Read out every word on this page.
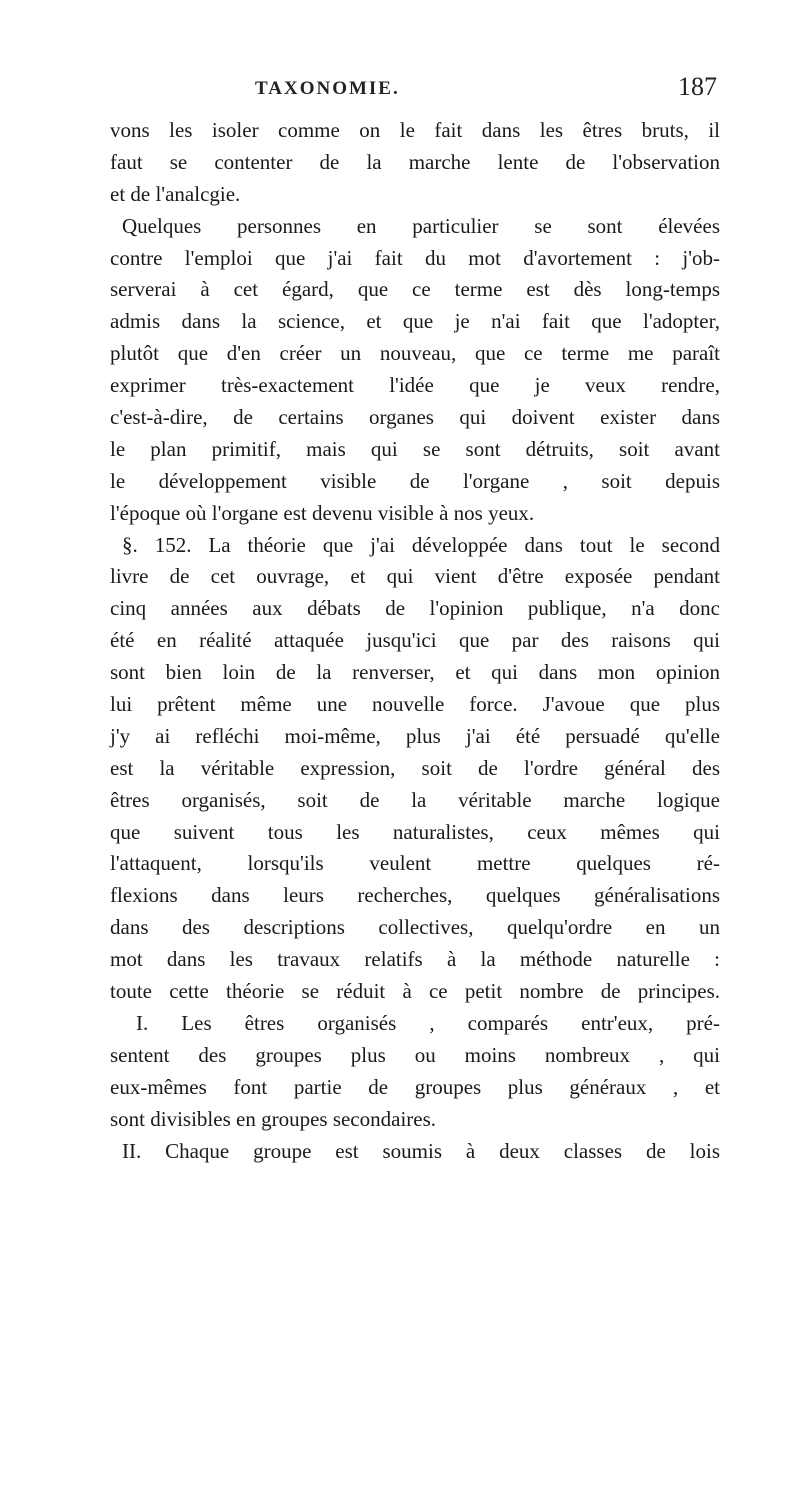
TAXONOMIE.	187
vons les isoler comme on le fait dans les êtres bruts, il
faut se contenter de la marche lente de l'observation
et de l'analcgie.
Quelques personnes en particulier se sont élevées
contre l'emploi que j'ai fait du mot d'avortement : j'ob-
serverai à cet égard, que ce terme est dès long-temps
admis dans la science, et que je n'ai fait que l'adopter,
plutôt que d'en créer un nouveau, que ce terme me paraît
exprimer très-exactement l'idée que je veux rendre,
c'est-à-dire, de certains organes qui doivent exister dans
le plan primitif, mais qui se sont détruits, soit avant
le développement visible de l'organe , soit depuis
l'époque où l'organe est devenu visible à nos yeux.
§. 152. La théorie que j'ai développée dans tout le second
livre de cet ouvrage, et qui vient d'être exposée pendant
cinq années aux débats de l'opinion publique, n'a donc
été en réalité attaquée jusqu'ici que par des raisons qui
sont bien loin de la renverser, et qui dans mon opinion
lui prêtent même une nouvelle force. J'avoue que plus
j'y ai refléchi moi-même, plus j'ai été persuadé qu'elle
est la véritable expression, soit de l'ordre général des
êtres organisés, soit de la véritable marche logique
que suivent tous les naturalistes, ceux mêmes qui
l'attaquent, lorsqu'ils veulent mettre quelques ré-
flexions dans leurs recherches, quelques généralisations
dans des descriptions collectives, quelqu'ordre en un
mot dans les travaux relatifs à la méthode naturelle :
toute cette théorie se réduit à ce petit nombre de principes.
I. Les êtres organisés , comparés entr'eux, pré-
sentent des groupes plus ou moins nombreux , qui
eux-mêmes font partie de groupes plus généraux , et
sont divisibles en groupes secondaires.
II. Chaque groupe est soumis à deux classes de lois
